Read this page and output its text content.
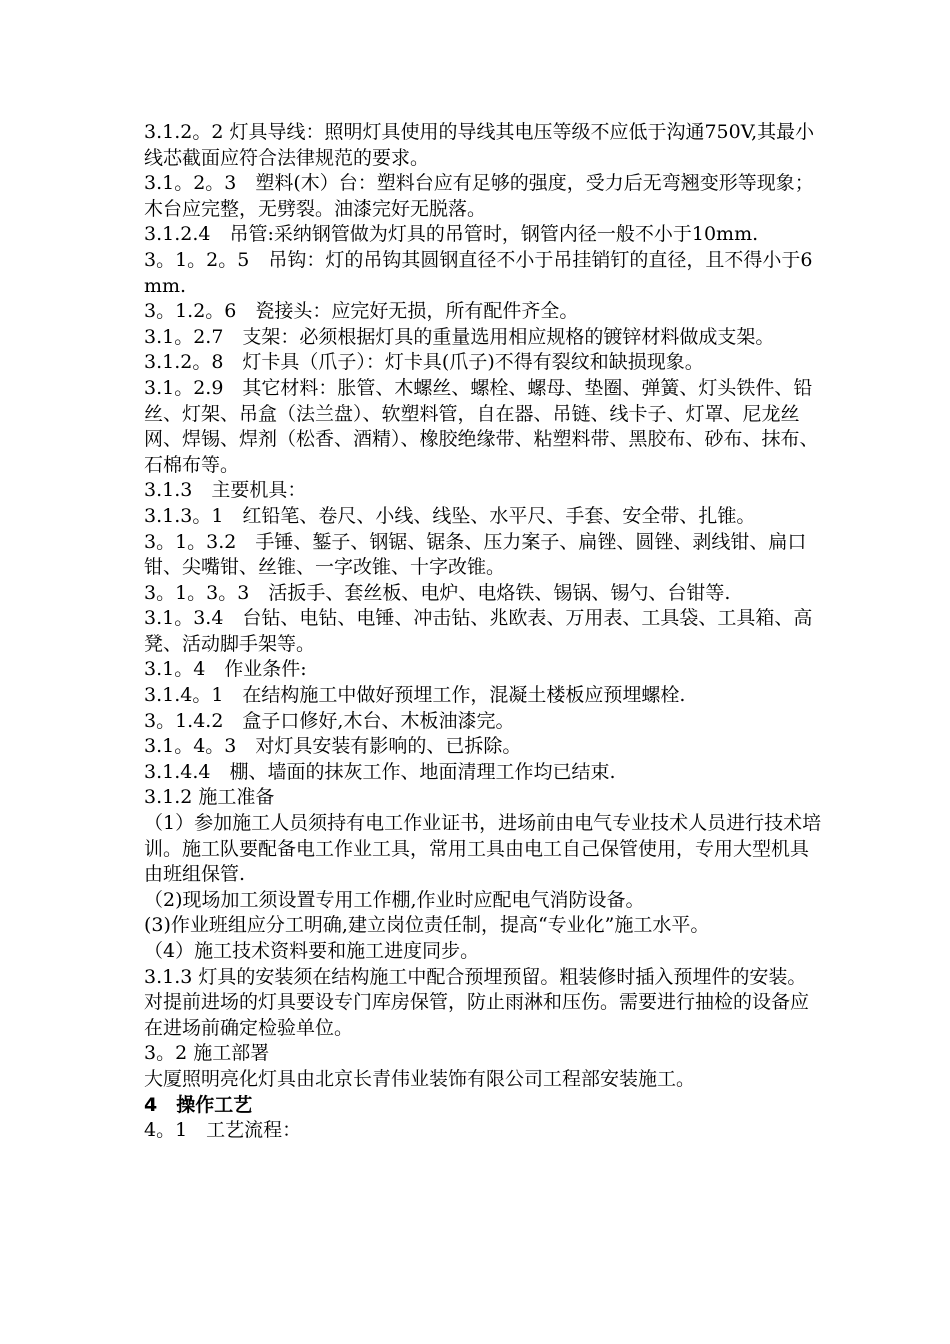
3.1.2。2 灯具导线：照明灯具使用的导线其电压等级不应低于沟通750V,其最小线芯截面应符合法律规范的要求。

3.1。2。3　塑料(木）台：塑料台应有足够的强度，受力后无弯翘变形等现象；木台应完整，无劈裂。油漆完好无脱落。

3.1.2.4　吊管:采纳钢管做为灯具的吊管时，钢管内径一般不小于10mm.

3。1。2。5　吊钩：灯的吊钩其圆钢直径不小于吊挂销钉的直径，且不得小于6mm.

3。1.2。6　瓷接头：应完好无损，所有配件齐全。

3.1。2.7　支架：必须根据灯具的重量选用相应规格的镀锌材料做成支架。

3.1.2。8　灯卡具（爪子）：灯卡具(爪子)不得有裂纹和缺损现象。

3.1。2.9　其它材料：胀管、木螺丝、螺栓、螺母、垫圈、弹簧、灯头铁件、铅丝、灯架、吊盒（法兰盘）、软塑料管，自在器、吊链、线卡子、灯罩、尼龙丝网、焊锡、焊剂（松香、酒精）、橡胶绝缘带、粘塑料带、黑胶布、砂布、抹布、石棉布等。

3.1.3　主要机具：

3.1.3。1　红铅笔、卷尺、小线、线坠、水平尺、手套、安全带、扎锥。

3。1。3.2　手锤、錾子、钢锯、锯条、压力案子、扁锉、圆锉、剥线钳、扁口钳、尖嘴钳、丝锥、一字改锥、十字改锥。

3。1。3。3　活扳手、套丝板、电炉、电烙铁、锡锅、锡勺、台钳等.

3.1。3.4　台钻、电钻、电锤、冲击钻、兆欧表、万用表、工具袋、工具箱、高凳、活动脚手架等。

3.1。4　作业条件:

3.1.4。1　在结构施工中做好预埋工作，混凝土楼板应预埋螺栓.

3。1.4.2　盒子口修好,木台、木板油漆完。

3.1。4。3　对灯具安装有影响的、已拆除。

3.1.4.4　棚、墙面的抹灰工作、地面清理工作均已结束.

3.1.2 施工准备

（1）参加施工人员须持有电工作业证书，进场前由电气专业技术人员进行技术培训。施工队要配备电工作业工具，常用工具由电工自己保管使用，专用大型机具由班组保管.

（2)现场加工须设置专用工作棚,作业时应配电气消防设备。

(3)作业班组应分工明确,建立岗位责任制，提高“专业化”施工水平。

（4）施工技术资料要和施工进度同步。

3.1.3 灯具的安装须在结构施工中配合预埋预留。粗装修时插入预埋件的安装。对提前进场的灯具要设专门库房保管，防止雨淋和压伤。需要进行抽检的设备应在进场前确定检验单位。

3。2 施工部署

大厦照明亮化灯具由北京长青伟业装饰有限公司工程部安装施工。

4　操作工艺

4。1　工艺流程：
